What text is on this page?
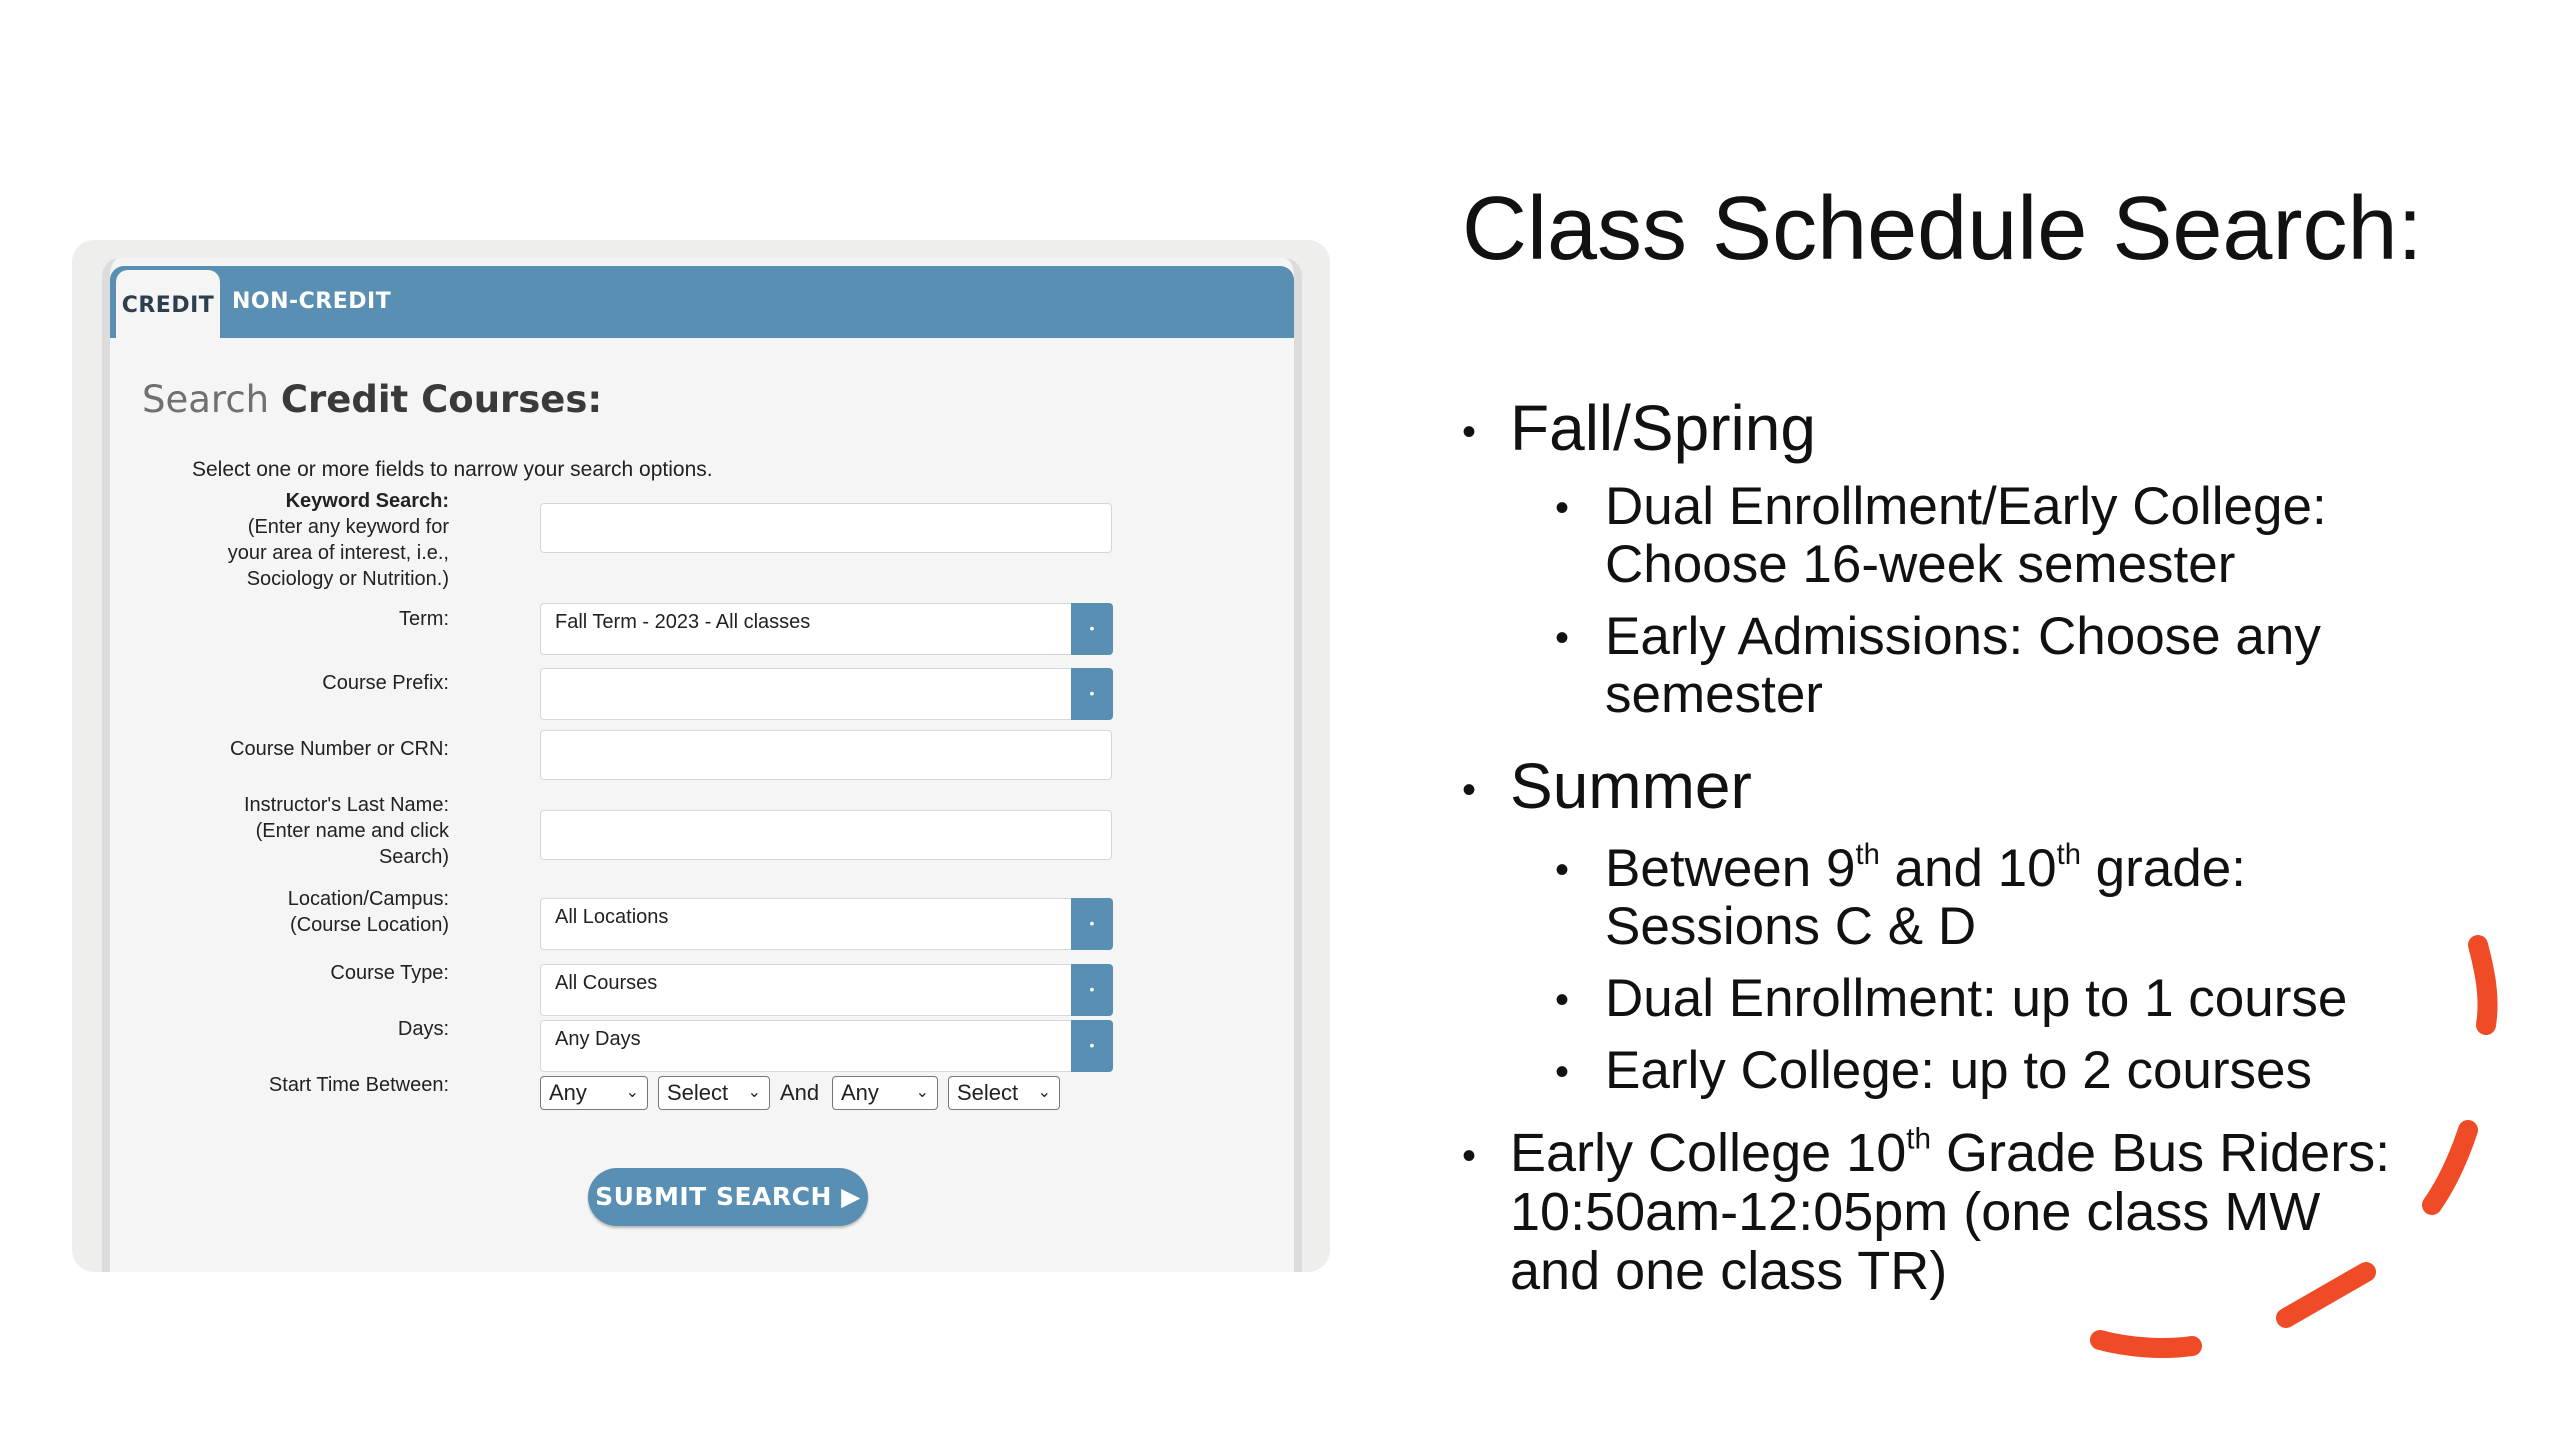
CREDIT NON-CREDIT
Search Credit Courses:
Select one or more fields to narrow your search options.
Keyword Search:
(Enter any keyword for
your area of interest, i.e.,
Sociology or Nutrition.)
Term:	Fall Term - 2023 - All classes	•
Course Prefix:	•
Course Number or CRN:
Instructor's Last Name:
(Enter name and click
Search)
Location/Campus:
(Course Location)	All Locations	•
Course Type:	All Courses	•
Days:	Any Days	•
Start Time Between:	Any ⌄	Select ⌄ And Any ⌄	Select ⌄
SUBMIT SEARCH ▶
Class Schedule Search:
• Fall/Spring
• Dual Enrollment/Early College:
Choose 16-week semester
• Early Admissions: Choose any
semester
• Summer
• Between 9th and 10th grade:
Sessions C & D
• Dual Enrollment: up to 1 course
• Early College: up to 2 courses
• Early College 10th Grade Bus Riders:
10:50am-12:05pm (one class MW
and one class TR)
